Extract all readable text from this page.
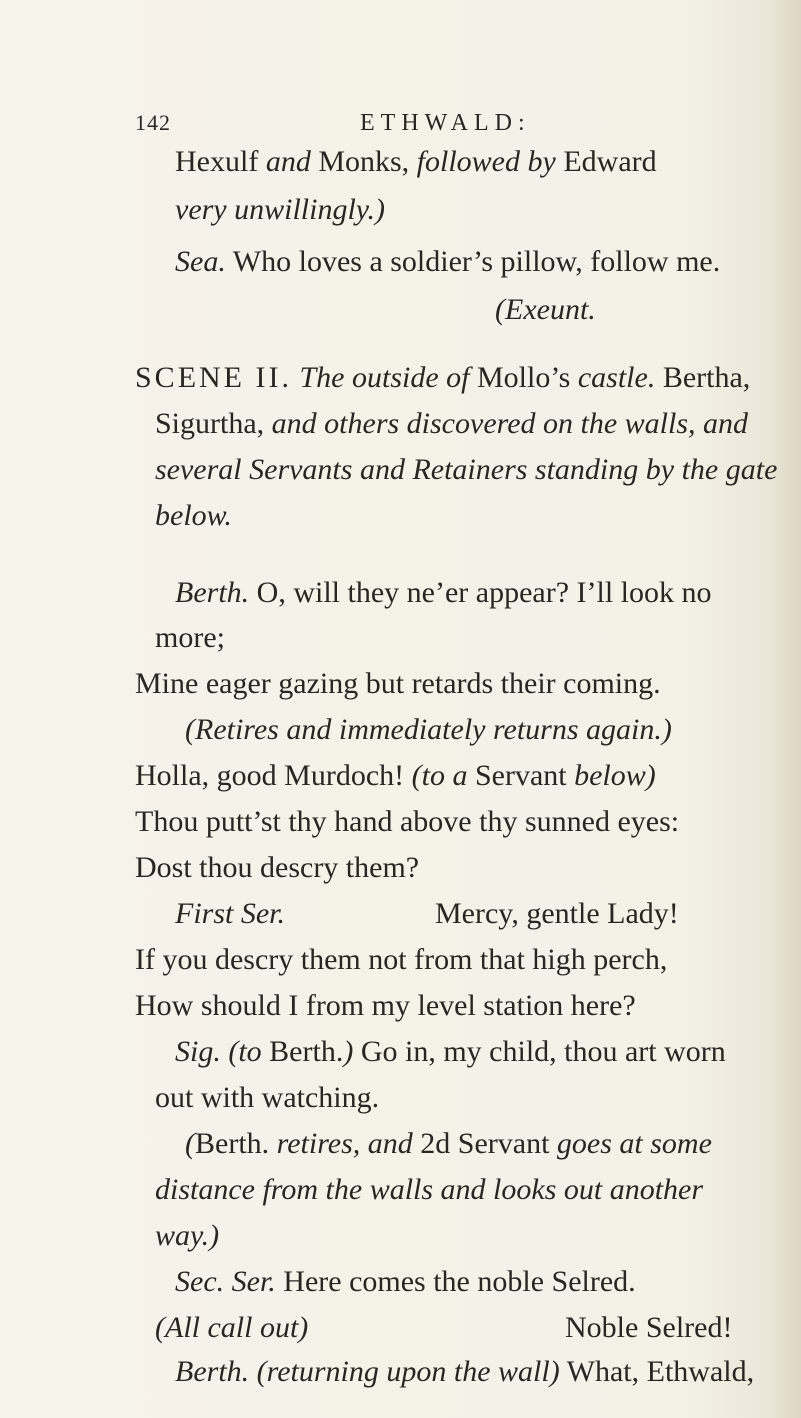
142	ETHWALD:
Hexulf and Monks, followed by Edward
very unwillingly.)
Sea. Who loves a soldier’s pillow, follow me.
(Exeunt.
SCENE II. The outside of Mollo’s castle. Bertha,
Sigurtha, and others discovered on the walls, and
several Servants and Retainers standing by the gate
below.
Berth. O, will they ne’er appear? I’ll look no
more;
Mine eager gazing but retards their coming.
(Retires and immediately returns again.)
Holla, good Murdoch! (to a Servant below)
Thou putt’st thy hand above thy sunned eyes:
Dost thou descry them?
First Ser.	Mercy, gentle Lady!
If you descry them not from that high perch,
How should I from my level station here?
Sig. (to Berth.) Go in, my child, thou art worn
out with watching.
(Berth. retires, and 2d Servant goes at some
distance from the walls and looks out another
way.)
Sec. Ser. Here comes the noble Selred.
(All call out)	Noble Selred!
Berth. (returning upon the wall) What, Ethwald,
